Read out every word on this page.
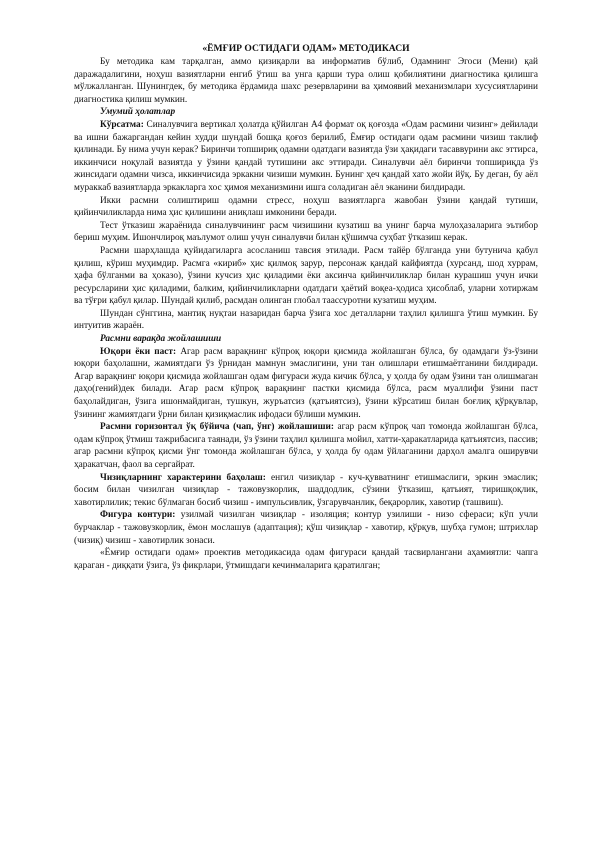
«ЁМҒИР ОСТИДАГИ ОДАМ» МЕТОДИКАСИ

Бу методика кам тарқалган, аммо қизиқарли ва информатив бўлиб, Одамнинг Эгоси (Мени) қай даражадалигини, ноҳуш вазиятларни енгиб ўтиш ва унга қарши тура олиш қобилиятини диагностика қилишга мўлжалланган. Шунингдек, бу методика ёрдамида шахс резервларини ва ҳимоявий механизмлари хусусиятларини диагностика қилиш мумкин.

Умумий ҳолатлар

Кўрсатма: Синалувчига вертикал ҳолатда қўйилган А4 формат оқ қоғозда «Одам расмини чизинг» дейилади ва ишни бажаргандан кейин худди шундай бошқа қоғоз берилиб, Ёмғир остидаги одам расмини чизиш таклиф қилинади. Бу нима учун керак? Биринчи топшириқ одамни одатдаги вазиятда ўзи ҳақидаги тасаввурини акс эттирса, иккинчиси ноқулай вазиятда у ўзини қандай тутишини акс эттиради. Синалувчи аёл биринчи топшириқда ўз жинсидаги одамни чизса, иккинчисида эркакни чизиши мумкин. Бунинг ҳеч қандай хато жойи йўқ. Бу деган, бу аёл мураккаб вазиятларда эркакларга хос ҳимоя механизмини ишга соладиган аёл эканини билдиради.

Икки расмни солиштириш одамни стресс, ноҳуш вазиятларга жавобан ўзини қандай тутиши, қийинчиликларда нима ҳис қилишини аниқлаш имконини беради.

Тест ўтказиш жараёнида синалувчининг расм чизишини кузатиш ва унинг барча мулоҳазаларига эътибор бериш муҳим. Ишончлироқ маълумот олиш учун синалувчи билан қўшимча суҳбат ўтказиш керак.

Расмни шарҳлашда қуйидагиларга асосланиш тавсия этилади. Расм тайёр бўлганда уни бутунича қабул қилиш, кўриш муҳимдир. Расмга «кириб» ҳис қилмоқ зарур, персонаж қандай кайфиятда (хурсанд, шод хуррам, ҳафа бўлганми ва ҳоказо), ўзини кучсиз ҳис қиладими ёки аксинча қийинчиликлар билан курашиш учун ички ресурсларини ҳис қиладими, балким, қийинчиликларни одатдаги ҳаётий воқеа-ҳодиса ҳисоблаб, уларни хотиржам ва тўғри қабул қилар. Шундай қилиб, расмдан олинган глобал таассуротни кузатиш муҳим.

Шундан сўнггина, мантиқ нуқтаи назаридан барча ўзига хос деталларни таҳлил қилишга ўтиш мумкин. Бу интуитив жараён.

Расмни варақда жойлашиши

Юқори ёки паст: Агар расм варақнинг кўпроқ юқори қисмида жойлашган бўлса, бу одамдаги ўз-ўзини юқори баҳолашни, жамиятдаги ўз ўрнидан мамнун эмаслигини, уни тан олишлари етишмаётганини билдиради. Агар варақнинг юқори қисмида жойлашган одам фигураси жуда кичик бўлса, у ҳолда бу одам ўзини тан олишмаган даҳо(гений)дек билади. Агар расм кўпроқ варақнинг пастки қисмида бўлса, расм муаллифи ўзини паст баҳолайдиган, ўзига ишонмайдиган, тушкун, журъатсиз (қатъиятсиз), ўзини кўрсатиш билан боғлиқ қўрқувлар, ўзининг жамиятдаги ўрни билан қизиқмаслик ифодаси бўлиши мумкин.

Расмни горизонтал ўқ бўйича (чап, ўнг) жойлашиши: агар расм кўпроқ чап томонда жойлашган бўлса, одам кўпроқ ўтмиш тажрибасига таянади, ўз ўзини таҳлил қилишга мойил, хатти-ҳаракатларида қатъиятсиз, пассив; агар расмни кўпроқ қисми ўнг томонда жойлашган бўлса, у ҳолда бу одам ўйлаганини дарҳол амалга оширувчи ҳаракатчан, фаол ва сергайрат.

Чизиқларнинг характерини баҳолаш: енгил чизиқлар - куч-қувватнинг етишмаслиги, эркин эмаслик; босим билан чизилган чизиқлар - тажовузкорлик, шаддодлик, сўзини ўтказиш, қатъият, тиришқоқлик, хавотирлилик; текис бўлмаган босиб чизиш - импульсивлик, ўзгарувчанлик, беқарорлик, хавотир (ташвиш).

Фигура контури: узилмай чизилган чизиқлар - изоляция; контур узилиши - низо сфераси; кўп учли бурчаклар - тажовузкорлик, ёмон мослашув (адаптация); қўш чизиқлар - хавотир, қўрқув, шубҳа гумон; штрихлар (чизиқ) чизиш - хавотирлик зонаси.

«Ёмғир остидаги одам» проектив методикасида одам фигураси қандай тасвирлангани аҳамиятли: чапга қараган - диққати ўзига, ўз фикрлари, ўтмишдаги кечинмаларига қаратилган;
